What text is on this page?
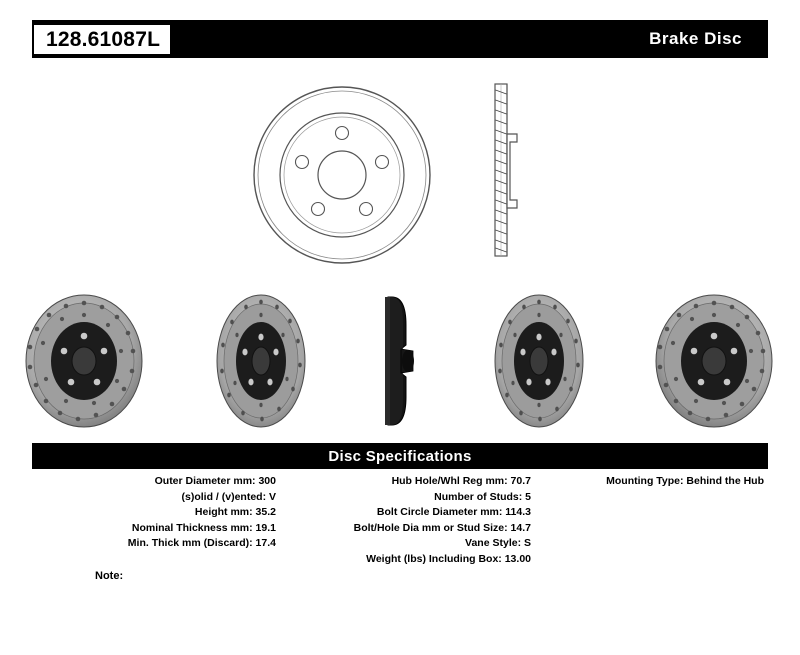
128.61087L	Brake Disc
Disc Specifications
Outer Diameter mm: 300
(s)olid / (v)ented: V
Height mm: 35.2
Nominal Thickness mm: 19.1
Min. Thick mm (Discard): 17.4
Hub Hole/Whl Reg mm: 70.7
Number of Studs: 5
Bolt Circle Diameter mm: 114.3
Bolt/Hole Dia mm or Stud Size: 14.7
Vane Style: S
Weight (lbs) Including Box: 13.00
Mounting Type: Behind the Hub
Note:
